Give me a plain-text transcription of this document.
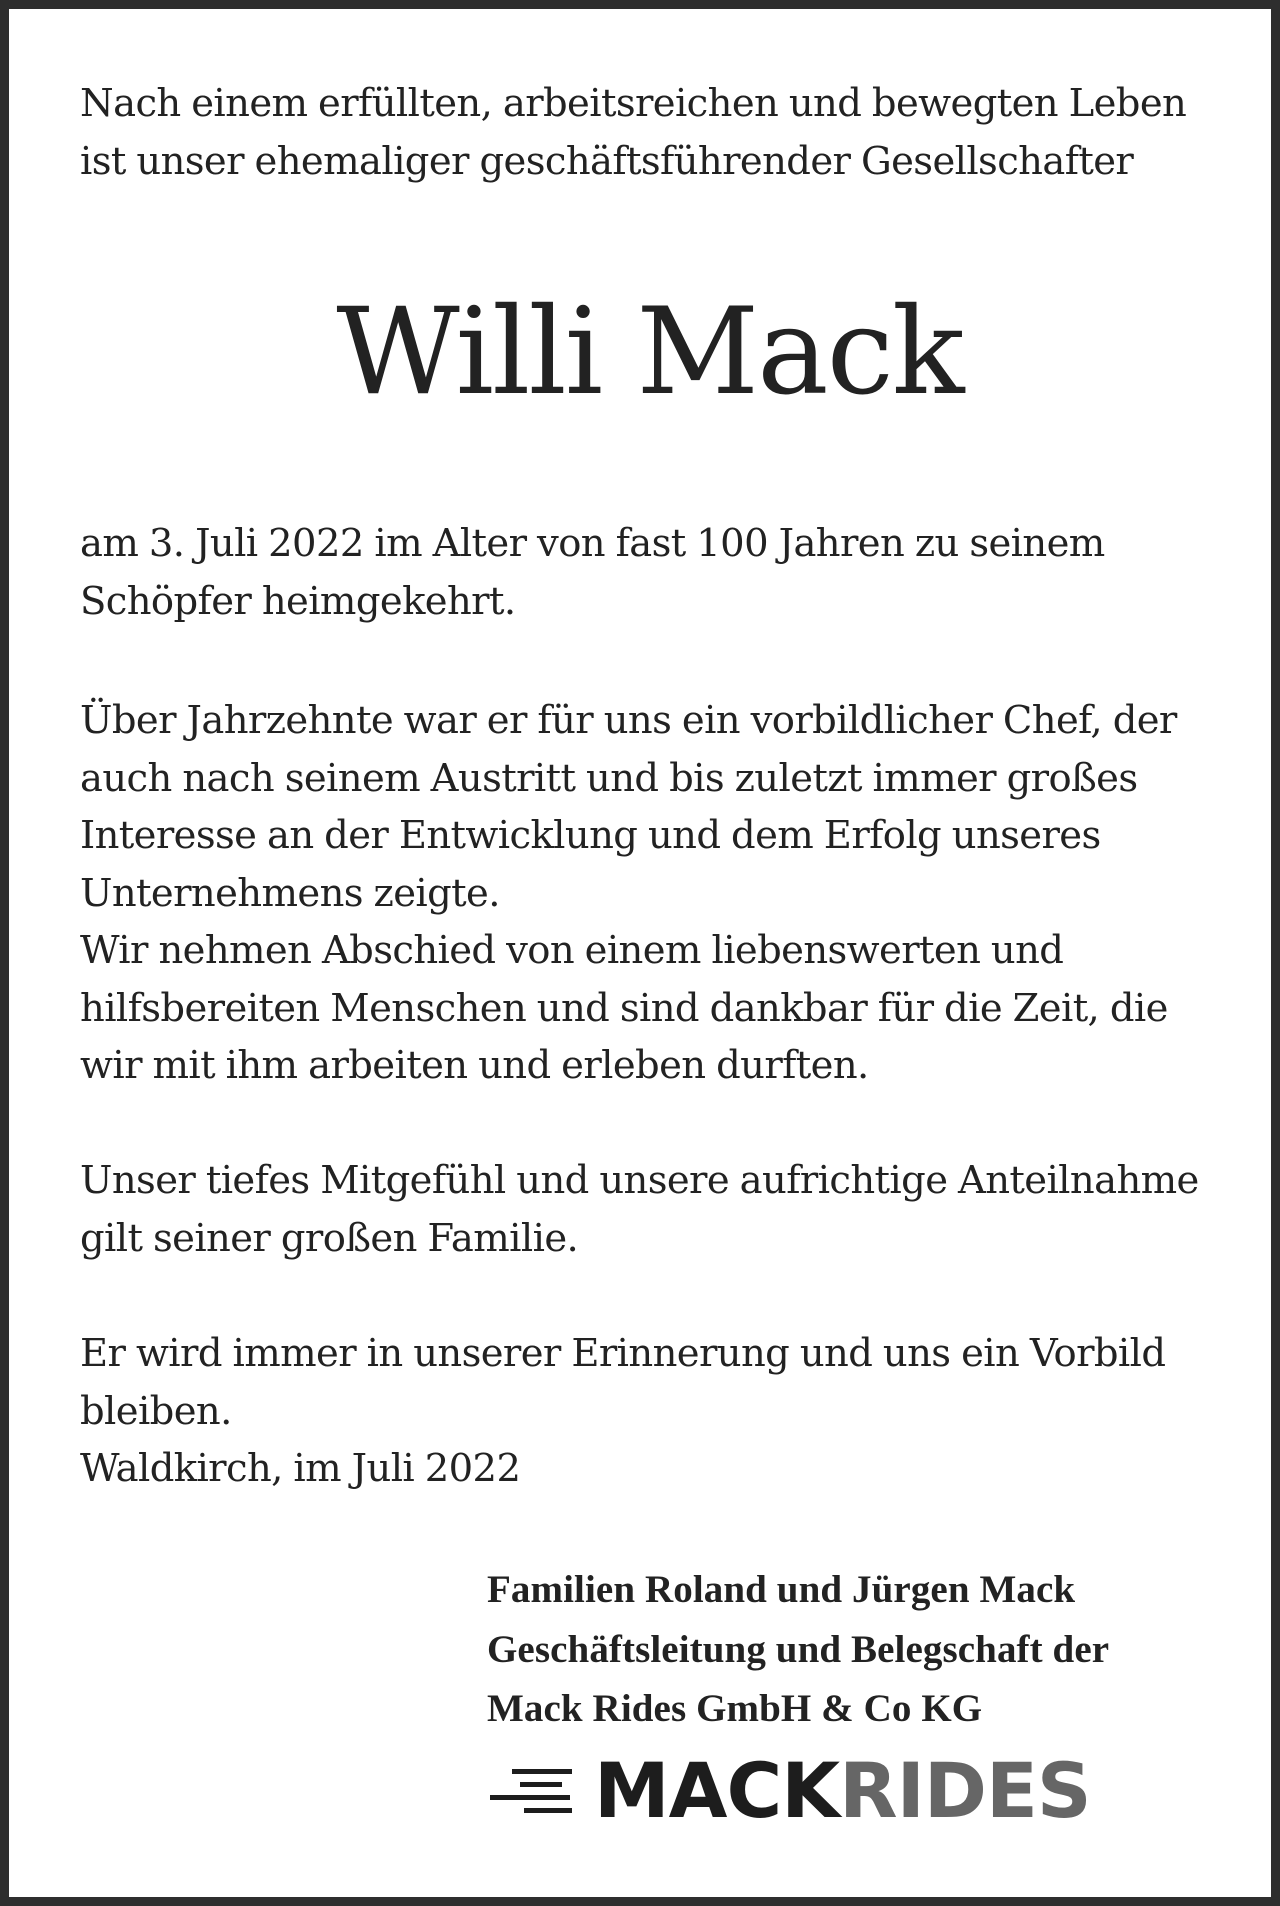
Nach einem erfüllten, arbeitsreichen und bewegten Leben ist unser ehemaliger geschäftsführender Gesellschafter

Willi Mack

am 3. Juli 2022 im Alter von fast 100 Jahren zu seinem Schöpfer heimgekehrt.

Über Jahrzehnte war er für uns ein vorbildlicher Chef, der auch nach seinem Austritt und bis zuletzt immer großes Interesse an der Entwicklung und dem Erfolg unseres Unternehmens zeigte.

Wir nehmen Abschied von einem liebenswerten und hilfsbereiten Menschen und sind dankbar für die Zeit, die wir mit ihm arbeiten und erleben durften.

Unser tiefes Mitgefühl und unsere aufrichtige Anteilnahme gilt seiner großen Familie.

Er wird immer in unserer Erinnerung und uns ein Vorbild bleiben.

Waldkirch, im Juli 2022

Familien Roland und Jürgen Mack
Geschäftsleitung und Belegschaft der
Mack Rides GmbH & Co KG
MACKRIDES
